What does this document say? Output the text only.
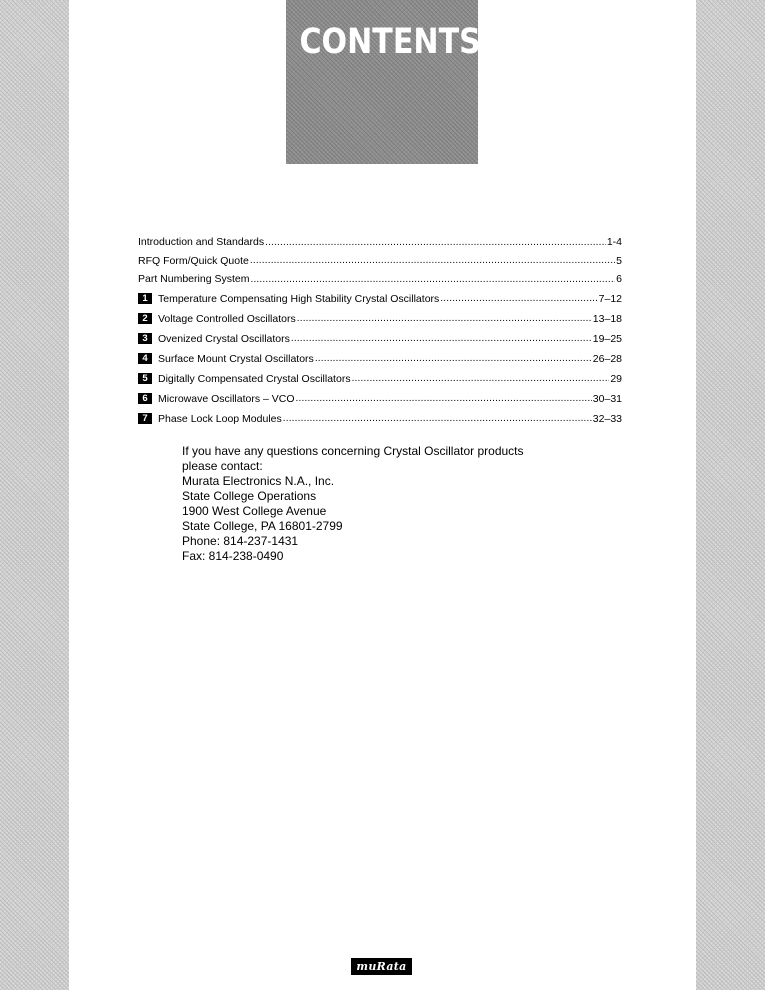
CONTENTS
Introduction and Standards .....	1-4
RFQ Form/Quick Quote .....	5
Part Numbering System .....	6
1 Temperature Compensating High Stability Crystal Oscillators .....	7–12
2 Voltage Controlled Oscillators .....	13–18
3 Ovenized Crystal Oscillators .....	19–25
4 Surface Mount Crystal Oscillators .....	26–28
5 Digitally Compensated Crystal Oscillators .....	29
6 Microwave Oscillators – VCO .....	30–31
7 Phase Lock Loop Modules .....	32–33
If you have any questions concerning Crystal Oscillator products
please contact:
Murata Electronics N.A., Inc.
State College Operations
1900 West College Avenue
State College, PA 16801-2799
Phone: 814-237-1431
Fax: 814-238-0490
muRata
